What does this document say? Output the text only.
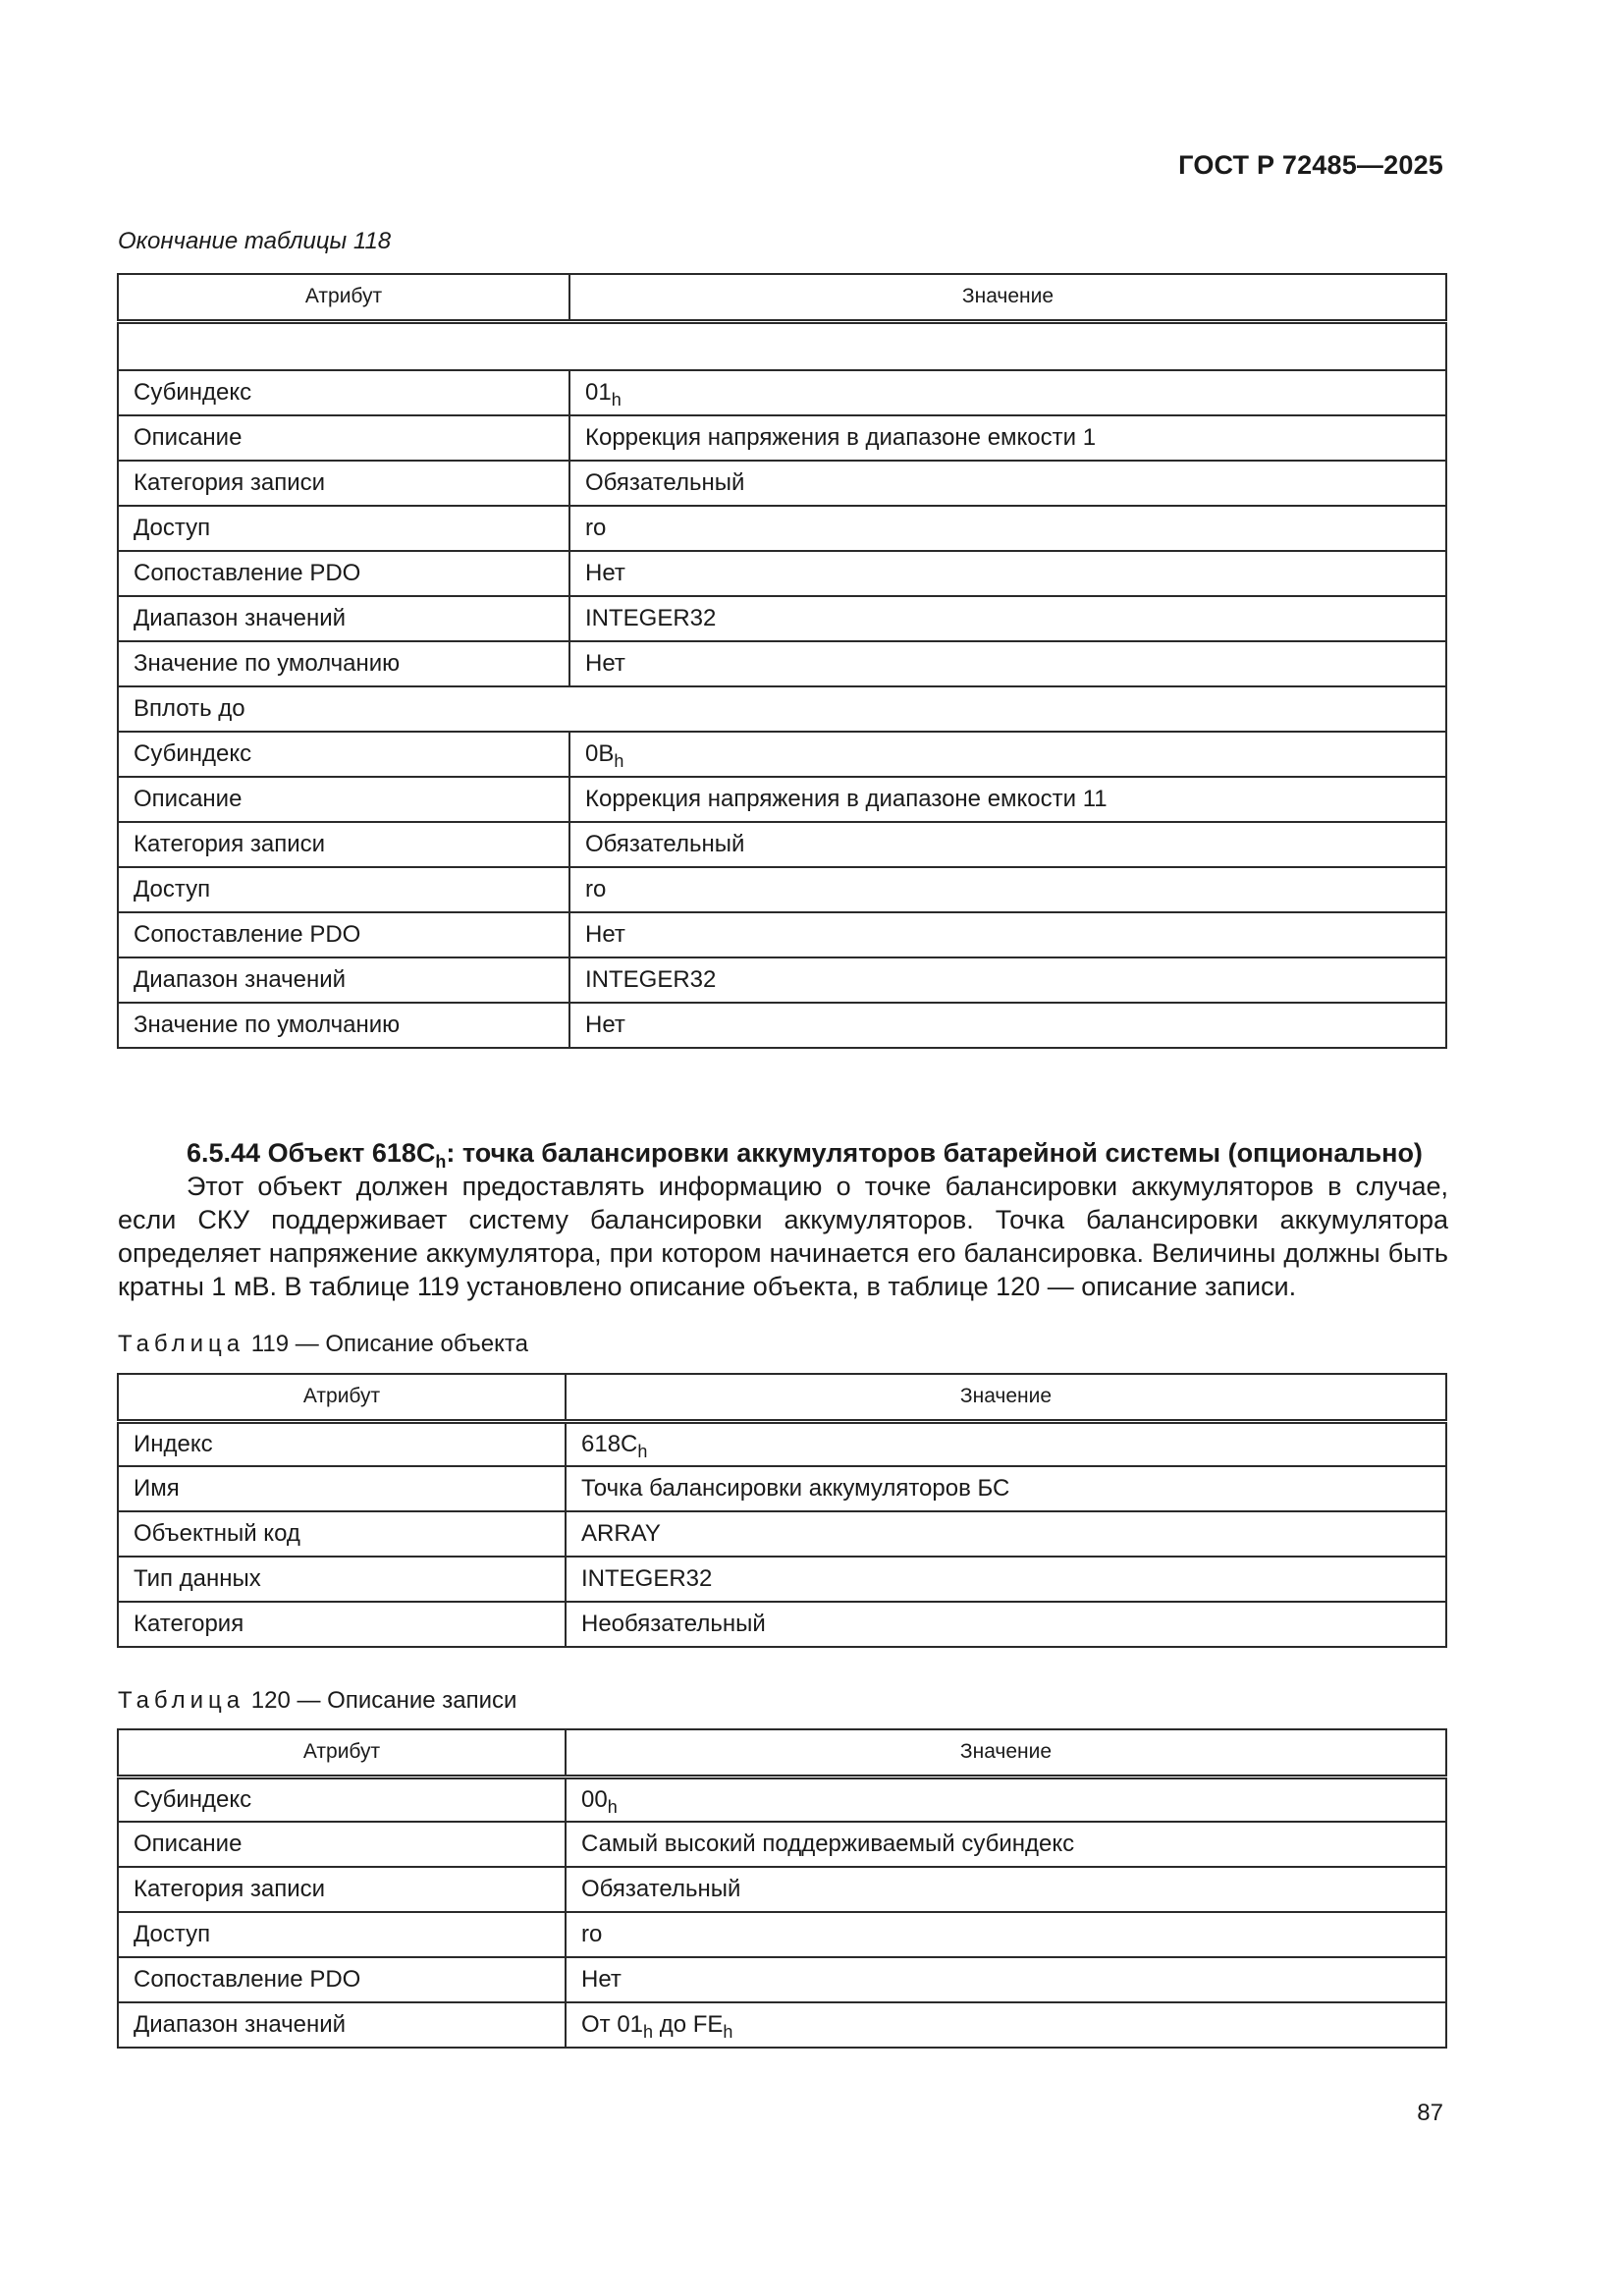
ГОСТ Р 72485—2025
Окончание таблицы 118
Атрибут	Значение

Субиндекс	$01_h$
Описание	Коррекция напряжения в диапазоне емкости 1
Категория записи	Обязательный
Доступ	ro
Сопоставление PDO	Нет
Диапазон значений	INTEGER32
Значение по умолчанию	Нет
Вплоть до	
Субиндекс	$0B_h$
Описание	Коррекция напряжения в диапазоне емкости 11
Категория записи	Обязательный
Доступ	ro
Сопоставление PDO	Нет
Диапазон значений	INTEGER32
Значение по умолчанию	Нет
6.5.44 Объект $618C_h$: точка балансировки аккумуляторов батарейной системы (опционально)
Этот объект должен предоставлять информацию о точке балансировки аккумуляторов в случае, если СКУ поддерживает систему балансировки аккумуляторов. Точка балансировки аккумулятора определяет напряжение аккумулятора, при котором начинается его балансировка. Величины должны быть кратны 1 мВ. В таблице 119 установлено описание объекта, в таблице 120 — описание записи.
Таблица 119 — Описание объекта
Атрибут	Значение
Индекс	$618C_h$
Имя	Точка балансировки аккумуляторов БС
Объектный код	ARRAY
Тип данных	INTEGER32
Категория	Необязательный
Таблица 120 — Описание записи
Атрибут	Значение
Субиндекс	$00_h$
Описание	Самый высокий поддерживаемый субиндекс
Категория записи	Обязательный
Доступ	ro
Сопоставление PDO	Нет
Диапазон значений	От $01_h$ до $FE_h$
87
